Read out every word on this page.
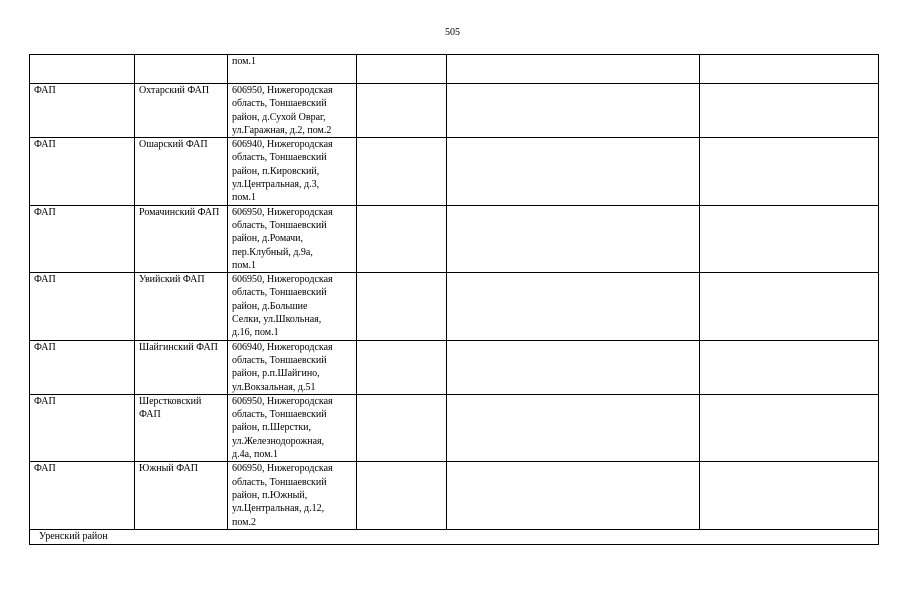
505

		пом.1			

ФАП	Охтарский ФАП	606950, Нижегородская
область, Тоншаевский
район, д.Сухой Овраг,
ул.Гаражная, д.2, пом.2			

ФАП	Ошарский ФАП	606940, Нижегородская
область, Тоншаевский
район, п.Кировский,
ул.Центральная, д.3,
пом.1			

ФАП	Ромачинский ФАП	606950, Нижегородская
область, Тоншаевский
район, д.Ромачи,
пер.Клубный, д.9а,
пом.1			

ФАП	Увийский ФАП	606950, Нижегородская
область, Тоншаевский
район, д.Большие
Селки, ул.Школьная,
д.16, пом.1			

ФАП	Шайгинский ФАП	606940, Нижегородская
область, Тоншаевский
район, р.п.Шайгино,
ул.Вокзальная, д.51			

ФАП	Шерстковский ФАП	606950, Нижегородская
область, Тоншаевский
район, п.Шерстки,
ул.Железнодорожная,
д.4а, пом.1			

ФАП	Южный ФАП	606950, Нижегородская
область, Тоншаевский
район, п.Южный,
ул.Центральная, д.12,
пом.2			

Уренский район					
